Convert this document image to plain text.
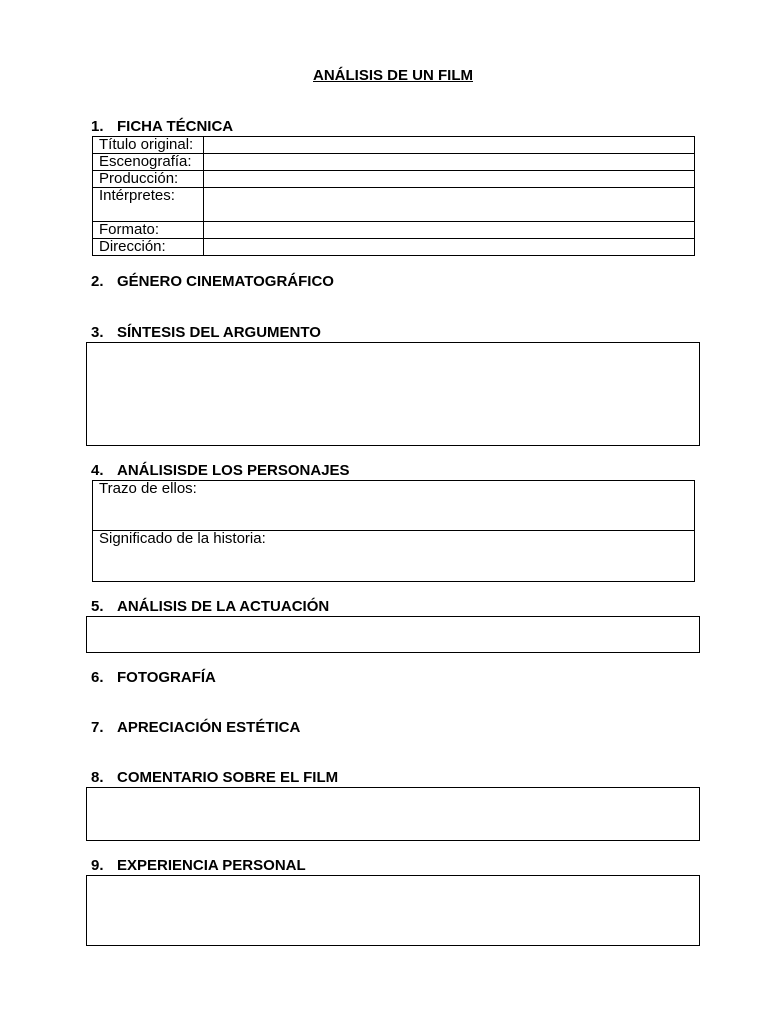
ANÁLISIS DE UN FILM
1. FICHA TÉCNICA
Título original:	
Escenografía:	
Producción:	
Intérpretes:	
Formato:	
Dirección:	
2. GÉNERO CINEMATOGRÁFICO
3. SÍNTESIS DEL ARGUMENTO
4. ANÁLISISDE LOS PERSONAJES
Trazo de ellos:
Significado de la historia:
5. ANÁLISIS DE LA ACTUACIÓN
6. FOTOGRAFÍA
7. APRECIACIÓN ESTÉTICA
8. COMENTARIO SOBRE EL FILM
9. EXPERIENCIA PERSONAL
